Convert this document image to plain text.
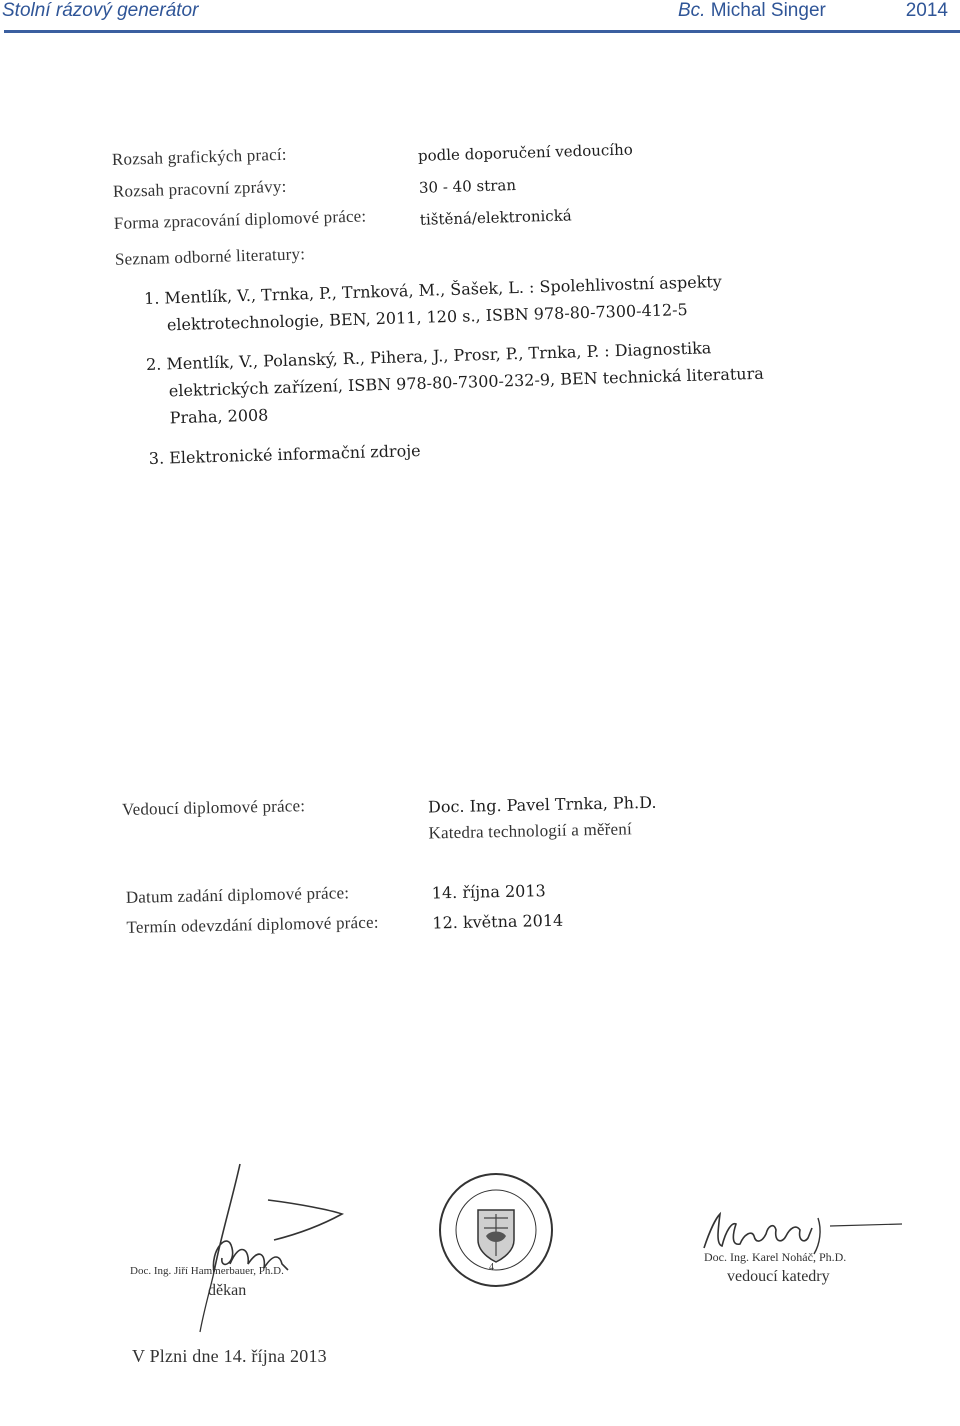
Stolní rázový generátor	Bc. Michal Singer	2014
Rozsah grafických prací:	podle doporučení vedoucího
Rozsah pracovní zprávy:	30 - 40 stran
Forma zpracování diplomové práce:	tištěná/elektronická
Seznam odborné literatury:
1. Mentlík, V., Trnka, P., Trnková, M., Šašek, L. : Spolehlivostní aspekty
elektrotechnologie, BEN, 2011, 120 s., ISBN 978-80-7300-412-5
2. Mentlík, V., Polanský, R., Pihera, J., Prosr, P., Trnka, P. : Diagnostika
elektrických zařízení, ISBN 978-80-7300-232-9, BEN technická literatura
Praha, 2008
3. Elektronické informační zdroje
Vedoucí diplomové práce:	Doc. Ing. Pavel Trnka, Ph.D.
Katedra technologií a měření
Datum zadání diplomové práce:	14. října 2013
Termín odevzdání diplomové práce:	12. května 2014
Doc. Ing. Jiří Hammerbauer, Ph.D.
děkan
4
Doc. Ing. Karel Noháč, Ph.D.
vedoucí katedry
V Plzni dne 14. října 2013
